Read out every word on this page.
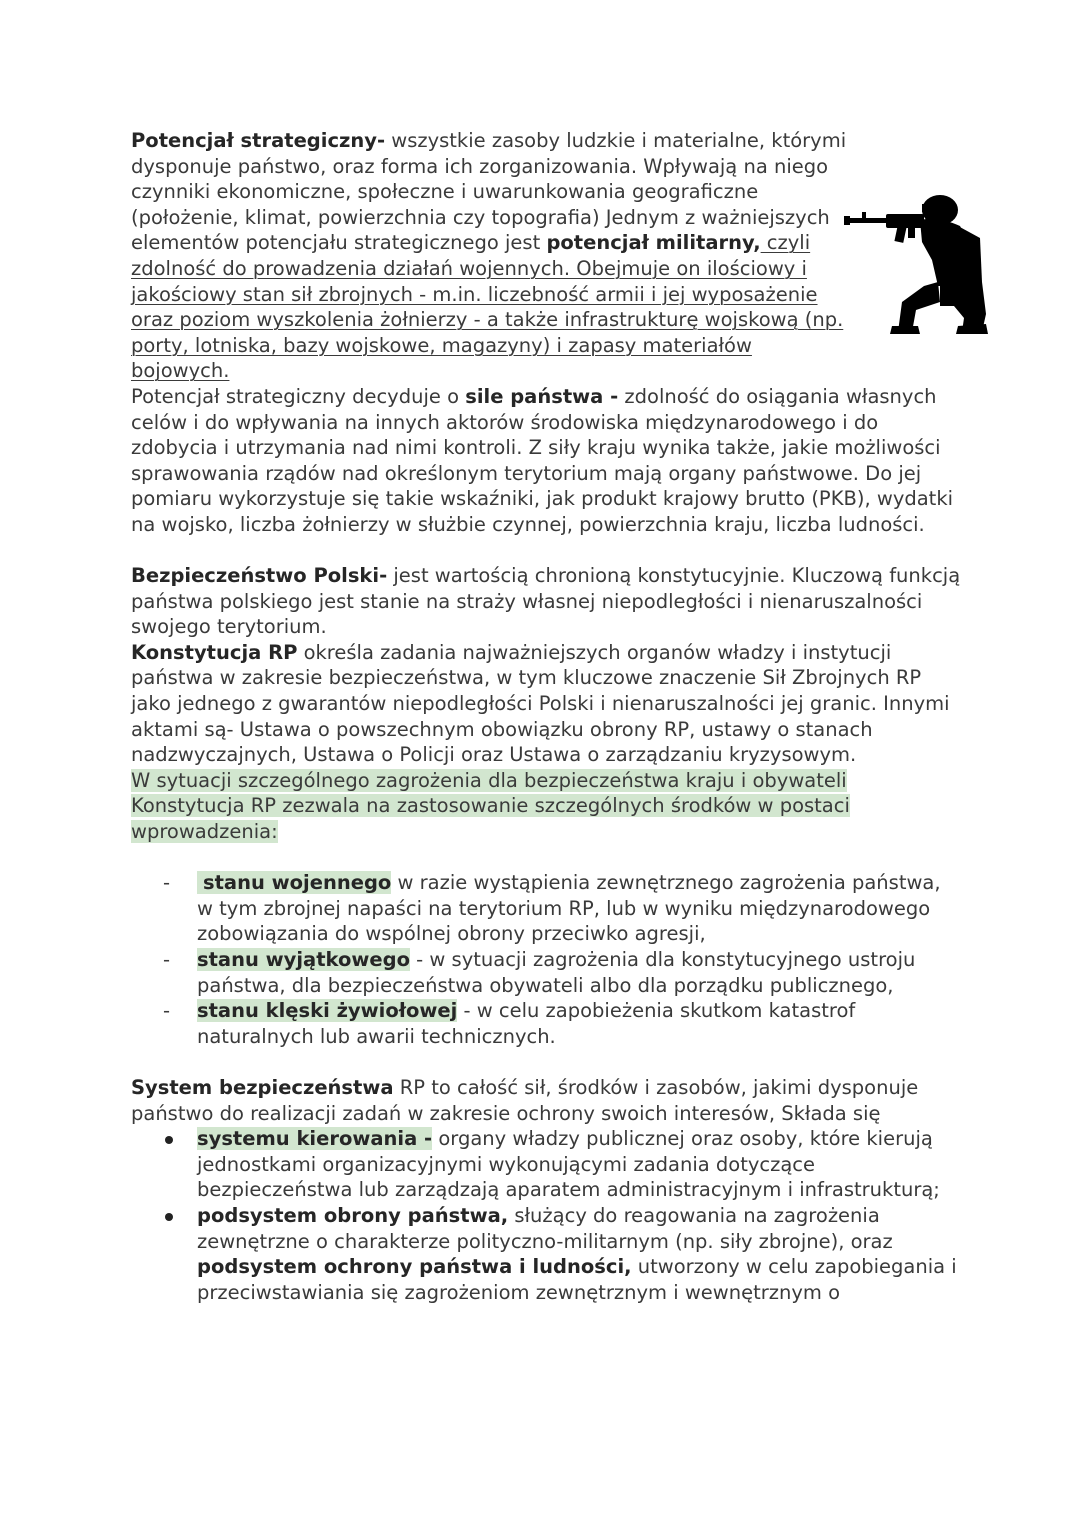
Potencjał strategiczny- wszystkie zasoby ludzkie i materialne, którymi dysponuje państwo, oraz forma ich zorganizowania. Wpływają na niego czynniki ekonomiczne, społeczne i uwarunkowania geograficzne (położenie, klimat, powierzchnia czy topografia) Jednym z ważniejszych elementów potencjału strategicznego jest potencjał militarny, czyli zdolność do prowadzenia działań wojennych. Obejmuje on ilościowy i jakościowy stan sił zbrojnych - m.in. liczebność armii i jej wyposażenie oraz poziom wyszkolenia żołnierzy - a także infrastrukturę wojskową (np. porty, lotniska, bazy wojskowe, magazyny) i zapasy materiałów bojowych.

Potencjał strategiczny decyduje o sile państwa - zdolność do osiągania własnych celów i do wpływania na innych aktorów środowiska międzynarodowego i do zdobycia i utrzymania nad nimi kontroli. Z siły kraju wynika także, jakie możliwości sprawowania rządów nad określonym terytorium mają organy państwowe. Do jej pomiaru wykorzystuje się takie wskaźniki, jak produkt krajowy brutto (PKB), wydatki na wojsko, liczba żołnierzy w służbie czynnej, powierzchnia kraju, liczba ludności.

Bezpieczeństwo Polski- jest wartością chronioną konstytucyjnie. Kluczową funkcją państwa polskiego jest stanie na straży własnej niepodległości i nienaruszalności swojego terytorium.

Konstytucja RP określa zadania najważniejszych organów władzy i instytucji państwa w zakresie bezpieczeństwa, w tym kluczowe znaczenie Sił Zbrojnych RP jako jednego z gwarantów niepodległości Polski i nienaruszalności jej granic. Innymi aktami są- Ustawa o powszechnym obowiązku obrony RP, ustawy o stanach nadzwyczajnych, Ustawa o Policji oraz Ustawa o zarządzaniu kryzysowym.

W sytuacji szczególnego zagrożenia dla bezpieczeństwa kraju i obywateli Konstytucja RP zezwala na zastosowanie szczególnych środków w postaci wprowadzenia:

- stanu wojennego w razie wystąpienia zewnętrznego zagrożenia państwa, w tym zbrojnej napaści na terytorium RP, lub w wyniku międzynarodowego zobowiązania do wspólnej obrony przeciwko agresji,
- stanu wyjątkowego - w sytuacji zagrożenia dla konstytucyjnego ustroju państwa, dla bezpieczeństwa obywateli albo dla porządku publicznego,
- stanu klęski żywiołowej - w celu zapobieżenia skutkom katastrof naturalnych lub awarii technicznych.

System bezpieczeństwa RP to całość sił, środków i zasobów, jakimi dysponuje państwo do realizacji zadań w zakresie ochrony swoich interesów, Składa się

systemu kierowania - organy władzy publicznej oraz osoby, które kierują jednostkami organizacyjnymi wykonującymi zadania dotyczące bezpieczeństwa lub zarządzają aparatem administracyjnym i infrastrukturą;
podsystem obrony państwa, służący do reagowania na zagrożenia zewnętrzne o charakterze polityczno-militarnym (np. siły zbrojne), oraz podsystem ochrony państwa i ludności, utworzony w celu zapobiegania i przeciwstawiania się zagrożeniom zewnętrznym i wewnętrznym o
